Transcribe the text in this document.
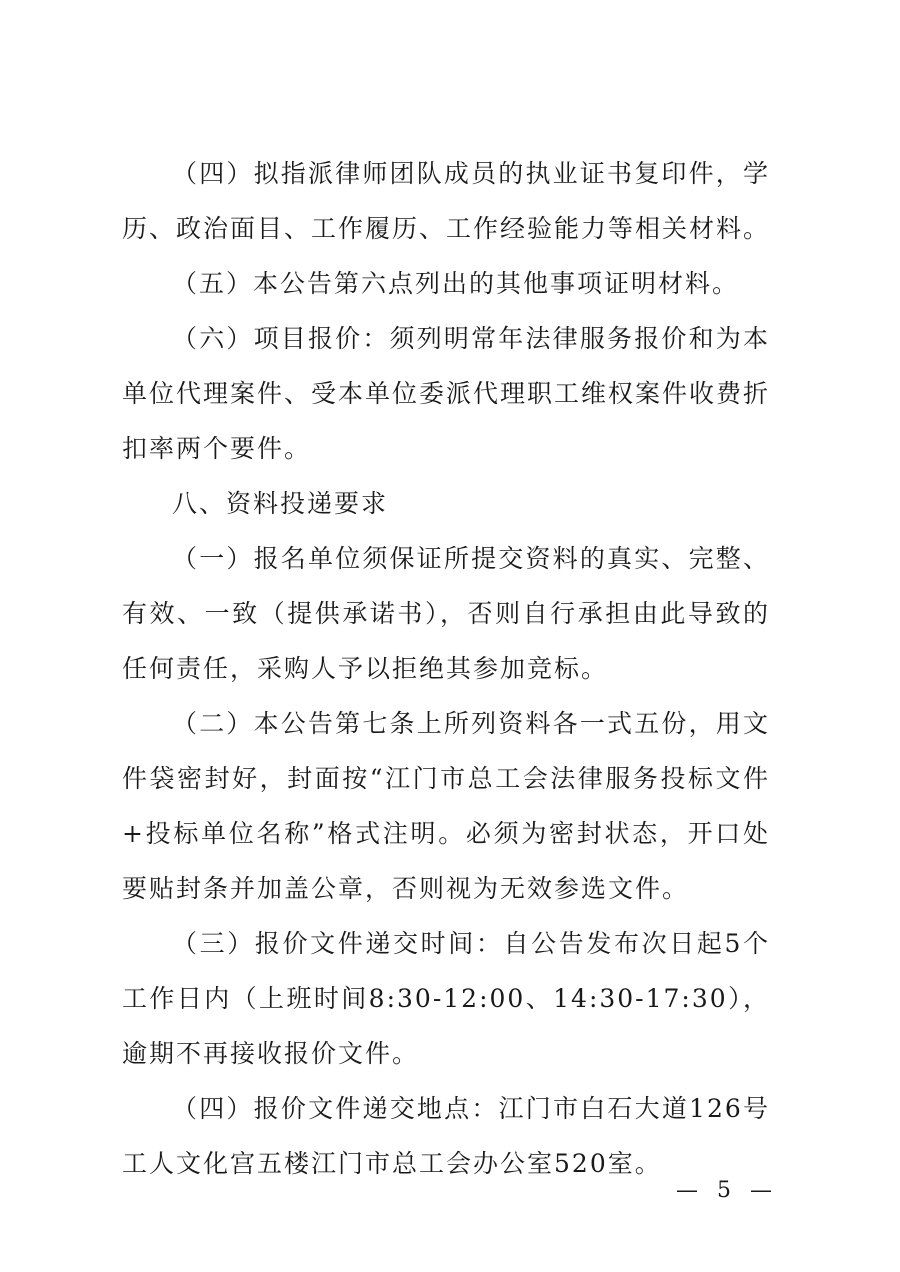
（四）拟指派律师团队成员的执业证书复印件，学历、政治面目、工作履历、工作经验能力等相关材料。

（五）本公告第六点列出的其他事项证明材料。

（六）项目报价：须列明常年法律服务报价和为本单位代理案件、受本单位委派代理职工维权案件收费折扣率两个要件。

八、资料投递要求

（一）报名单位须保证所提交资料的真实、完整、有效、一致（提供承诺书），否则自行承担由此导致的任何责任，采购人予以拒绝其参加竞标。

（二）本公告第七条上所列资料各一式五份，用文件袋密封好，封面按“江门市总工会法律服务投标文件+投标单位名称”格式注明。必须为密封状态，开口处要贴封条并加盖公章，否则视为无效参选文件。

（三）报价文件递交时间：自公告发布次日起5个工作日内（上班时间8:30-12:00、14:30-17:30），逾期不再接收报价文件。

（四）报价文件递交地点：江门市白石大道126号工人文化宫五楼江门市总工会办公室520室。

— 5 —
